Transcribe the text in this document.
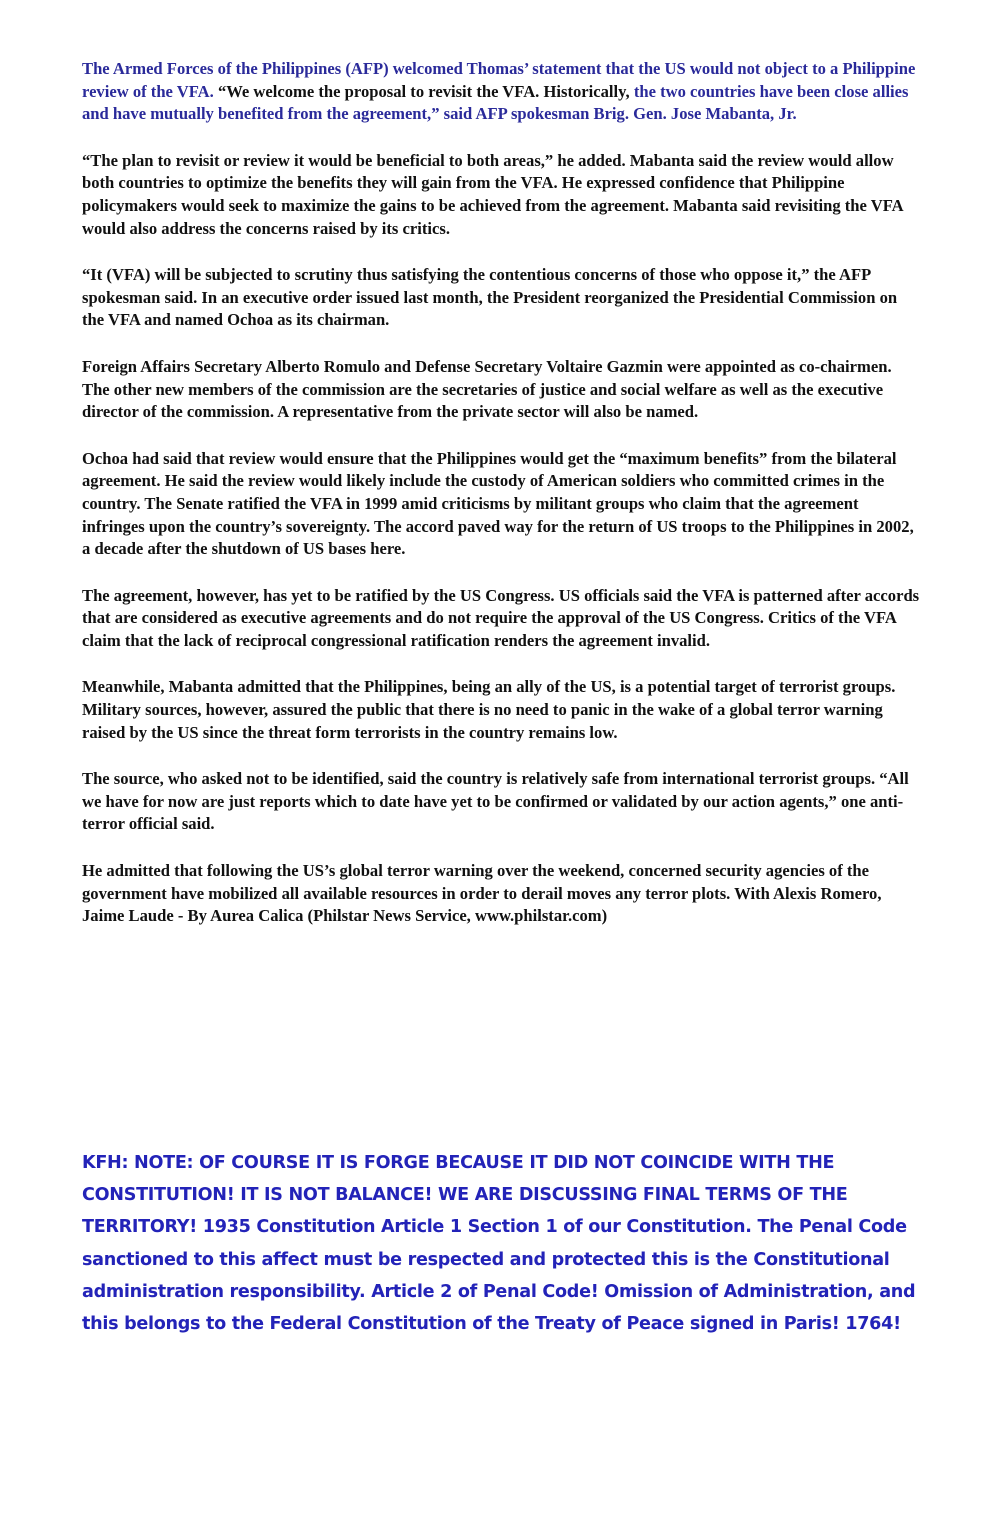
The Armed Forces of the Philippines (AFP) welcomed Thomas’ statement that the US would not object to a Philippine review of the VFA. “We welcome the proposal to revisit the VFA. Historically, the two countries have been close allies and have mutually benefited from the agreement,” said AFP spokesman Brig. Gen. Jose Mabanta, Jr.

“The plan to revisit or review it would be beneficial to both areas,” he added. Mabanta said the review would allow both countries to optimize the benefits they will gain from the VFA. He expressed confidence that Philippine policymakers would seek to maximize the gains to be achieved from the agreement. Mabanta said revisiting the VFA would also address the concerns raised by its critics.

“It (VFA) will be subjected to scrutiny thus satisfying the contentious concerns of those who oppose it,” the AFP spokesman said. In an executive order issued last month, the President reorganized the Presidential Commission on the VFA and named Ochoa as its chairman.

Foreign Affairs Secretary Alberto Romulo and Defense Secretary Voltaire Gazmin were appointed as co-chairmen. The other new members of the commission are the secretaries of justice and social welfare as well as the executive director of the commission. A representative from the private sector will also be named.

Ochoa had said that review would ensure that the Philippines would get the “maximum benefits” from the bilateral agreement. He said the review would likely include the custody of American soldiers who committed crimes in the country. The Senate ratified the VFA in 1999 amid criticisms by militant groups who claim that the agreement infringes upon the country’s sovereignty. The accord paved way for the return of US troops to the Philippines in 2002, a decade after the shutdown of US bases here.

The agreement, however, has yet to be ratified by the US Congress. US officials said the VFA is patterned after accords that are considered as executive agreements and do not require the approval of the US Congress. Critics of the VFA claim that the lack of reciprocal congressional ratification renders the agreement invalid.

Meanwhile, Mabanta admitted that the Philippines, being an ally of the US, is a potential target of terrorist groups. Military sources, however, assured the public that there is no need to panic in the wake of a global terror warning raised by the US since the threat form terrorists in the country remains low.

The source, who asked not to be identified, said the country is relatively safe from international terrorist groups. “All we have for now are just reports which to date have yet to be confirmed or validated by our action agents,” one anti-terror official said.

He admitted that following the US’s global terror warning over the weekend, concerned security agencies of the government have mobilized all available resources in order to derail moves any terror plots. With Alexis Romero, Jaime Laude - By Aurea Calica (Philstar News Service, www.philstar.com)

KFH: NOTE: OF COURSE IT IS FORGE BECAUSE IT DID NOT COINCIDE WITH THE CONSTITUTION! IT IS NOT BALANCE! WE ARE DISCUSSING FINAL TERMS OF THE TERRITORY! 1935 Constitution Article 1 Section 1 of our Constitution. The Penal Code sanctioned to this affect must be respected and protected this is the Constitutional administration responsibility. Article 2 of Penal Code! Omission of Administration, and this belongs to the Federal Constitution of the Treaty of Peace signed in Paris! 1764!
